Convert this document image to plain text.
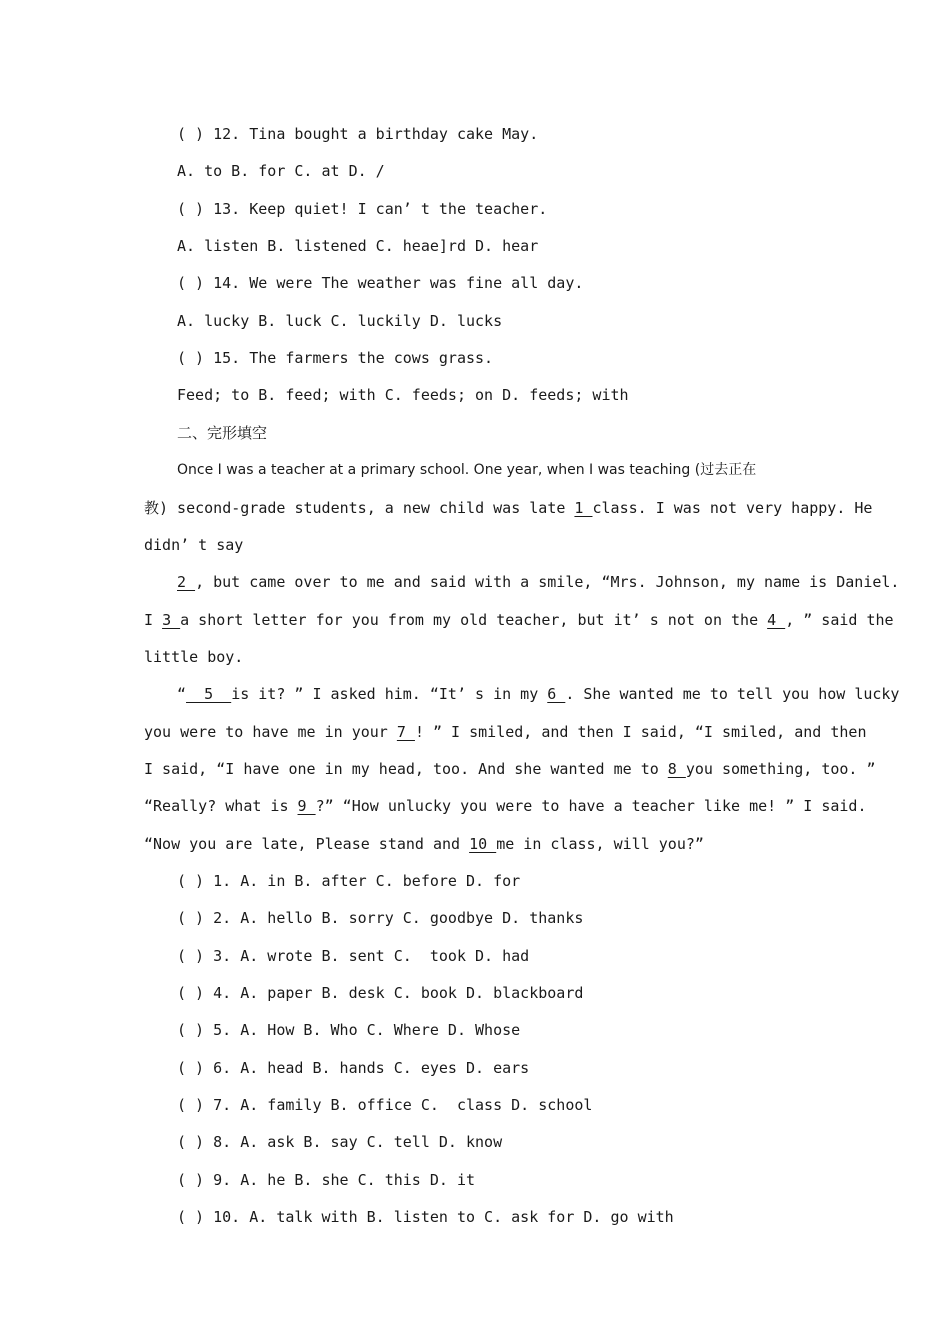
( ) 12. Tina bought a birthday cake May.
A. to B. for C. at D. /
( ) 13. Keep quiet! I can’ t the teacher.
A. listen B. listened C. heae]rd D. hear
( ) 14. We were The weather was fine all day.
A. lucky B. luck C. luckily D. lucks
( ) 15. The farmers the cows grass.
Feed; to B. feed; with C. feeds; on D. feeds; with
二、完形填空
Once I was a teacher at a primary school. One year, when I was teaching (过去正在
教) second-grade students, a new child was late 1 class. I was not very happy. He
didn’ t say
2 , but came over to me and said with a smile, “Mrs. Johnson, my name is Daniel.
I 3 a short letter for you from my old teacher, but it’ s not on the 4 , ” said the
little boy.
“  5  is it? ” I asked him. “It’ s in my 6 . She wanted me to tell you how lucky
you were to have me in your 7 ! ” I smiled, and then I said, “I smiled, and then
I said, “I have one in my head, too. And she wanted me to 8 you something, too. ”
“Really? what is 9 ?” “How unlucky you were to have a teacher like me! ” I said.
“Now you are late, Please stand and 10 me in class, will you?”
( ) 1. A. in B. after C. before D. for
( ) 2. A. hello B. sorry C. goodbye D. thanks
( ) 3. A. wrote B. sent C.  took D. had
( ) 4. A. paper B. desk C. book D. blackboard
( ) 5. A. How B. Who C. Where D. Whose
( ) 6. A. head B. hands C. eyes D. ears
( ) 7. A. family B. office C.  class D. school
( ) 8. A. ask B. say C. tell D. know
( ) 9. A. he B. she C. this D. it
( ) 10. A. talk with B. listen to C. ask for D. go with
